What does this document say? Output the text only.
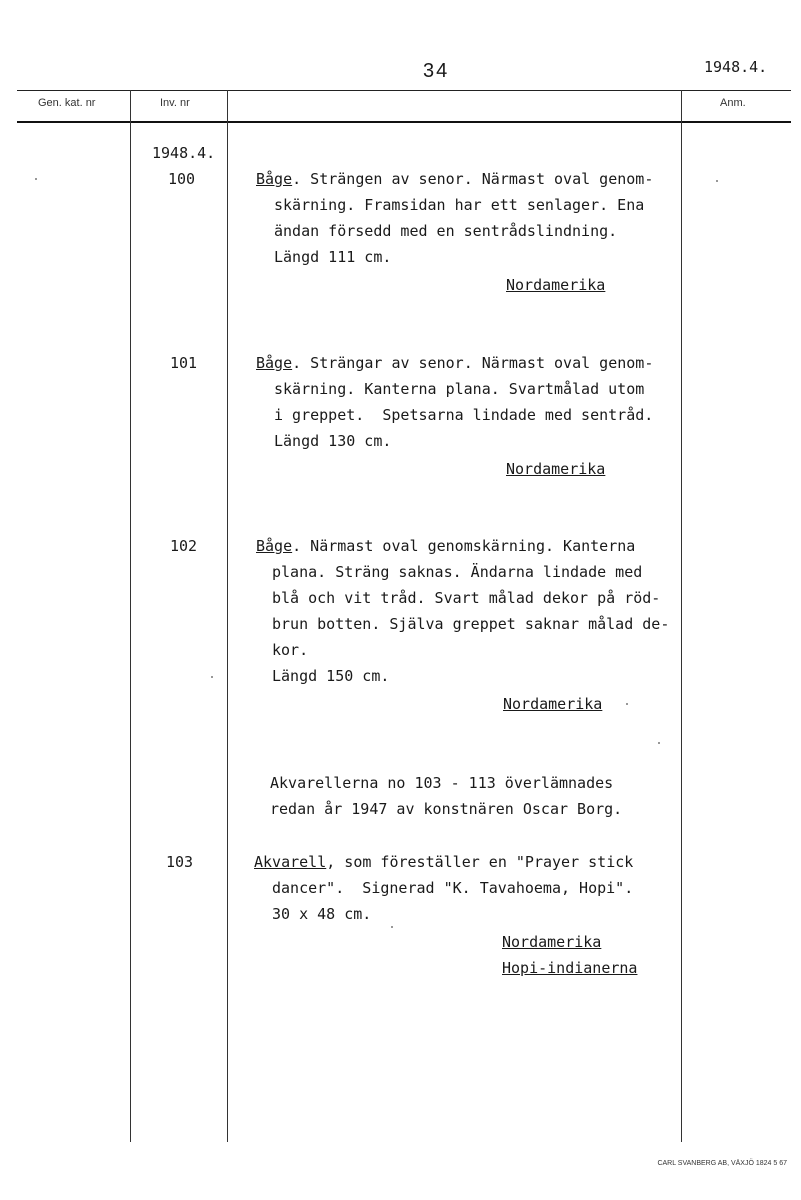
34	1948.4.
Gen. kat. nr	Inv. nr	Anm.
1948.4.
100	Båge. Strängen av senor. Närmast oval genom-
skärning. Framsidan har ett senlager. Ena
ändan försedd med en sentrådslindning.
Längd 111 cm.
Nordamerika
101	Båge. Strängar av senor. Närmast oval genom-
skärning. Kanterna plana. Svartmålad utom
i greppet.  Spetsarna lindade med sentråd.
Längd 130 cm.
Nordamerika
102	Båge. Närmast oval genomskärning. Kanterna
plana. Sträng saknas. Ändarna lindade med
blå och vit tråd. Svart målad dekor på röd-
brun botten. Själva greppet saknar målad de-
kor.
Längd 150 cm.
Nordamerika
Akvarellerna no 103 - 113 överlämnades
redan år 1947 av konstnären Oscar Borg.
103	Akvarell, som föreställer en "Prayer stick
dancer".  Signerad "K. Tavahoema, Hopi".
30 x 48 cm.
Nordamerika
Hopi-indianerna
CARL SVANBERG AB, VÄXJÖ 1824 5 67
